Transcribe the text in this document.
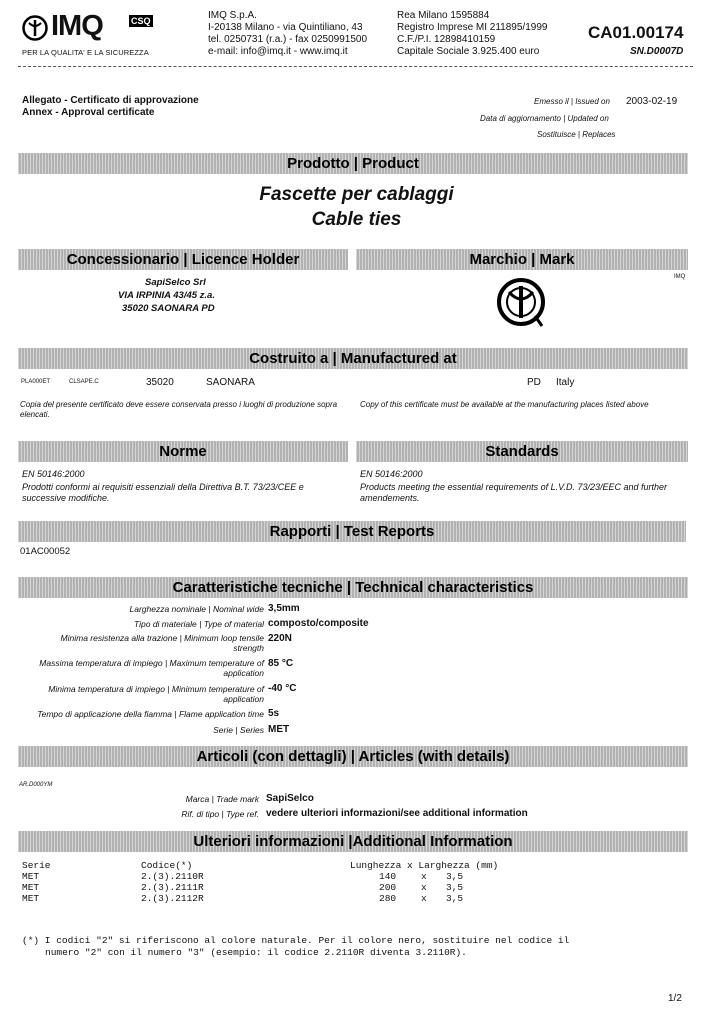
IMQ	CSQ
PER LA QUALITA' E LA SICUREZZA
IMQ S.p.A.
I-20138 Milano - via Quintiliano, 43
tel. 0250731 (r.a.) - fax 0250991500
e-mail: info@imq.it - www.imq.it
Rea Milano 1595884
Registro Imprese MI 211895/1999
C.F./P.I. 12898410159
Capitale Sociale 3.925.400 euro
CA01.00174
SN.D0007D
Allegato - Certificato di approvazione
Annex - Approval certificate
Emesso il | Issued on 2003-02-19
Data di aggiornamento | Updated on
Sostituisce | Replaces
Prodotto | Product
Fascette per cablaggi
Cable ties
Concessionario | Licence Holder	Marchio | Mark
SapiSelco Srl
VIA IRPINIA 43/45 z.a.
35020 SAONARA PD
IMQ
Costruito a | Manufactured at
PLA000ET	CLSAPE.C	35020	SAONARA	PD Italy
Copia del presente certificato deve essere conservata presso i luoghi di produzione sopra elencati.
Copy of this certificate must be available at the manufacturing places listed above
Norme	Standards
EN 50146:2000
Prodotti conformi ai requisiti essenziali della Direttiva B.T. 73/23/CEE e successive modifiche.
EN 50146:2000
Products meeting the essential requirements of L.V.D. 73/23/EEC and further amendements.
Rapporti | Test Reports
01AC00052
Caratteristiche tecniche | Technical characteristics
Larghezza nominale | Nominal wide 3,5mm
Tipo di materiale | Type of material composto/composite
Minima resistenza alla trazione | Minimum loop tensile strength
220N
Massima temperatura di impiego | Maximum temperature of application
85 °C
Minima temperatura di impiego | Minimum temperature of application
-40 °C
Tempo di applicazione della fiamma | Flame application time 5s
Serie | Series MET
Articoli (con dettagli) | Articles (with details)
AR.D000YM
Marca | Trade mark SapiSelco
Rif. di tipo | Type ref. vedere ulteriori informazioni/see additional information
Ulteriori informazioni |Additional Information
Serie	Codice(*)	Lunghezza x Larghezza (mm)
MET	2.(3).2110R	140	x 3,5
MET	2.(3).2111R	200	x 3,5
MET	2.(3).2112R	280	x 3,5
(*) I codici "2" si riferiscono al colore naturale. Per il colore nero, sostituire nel codice il
numero "2" con il numero "3" (esempio: il codice 2.2110R diventa 3.2110R).
1/2
